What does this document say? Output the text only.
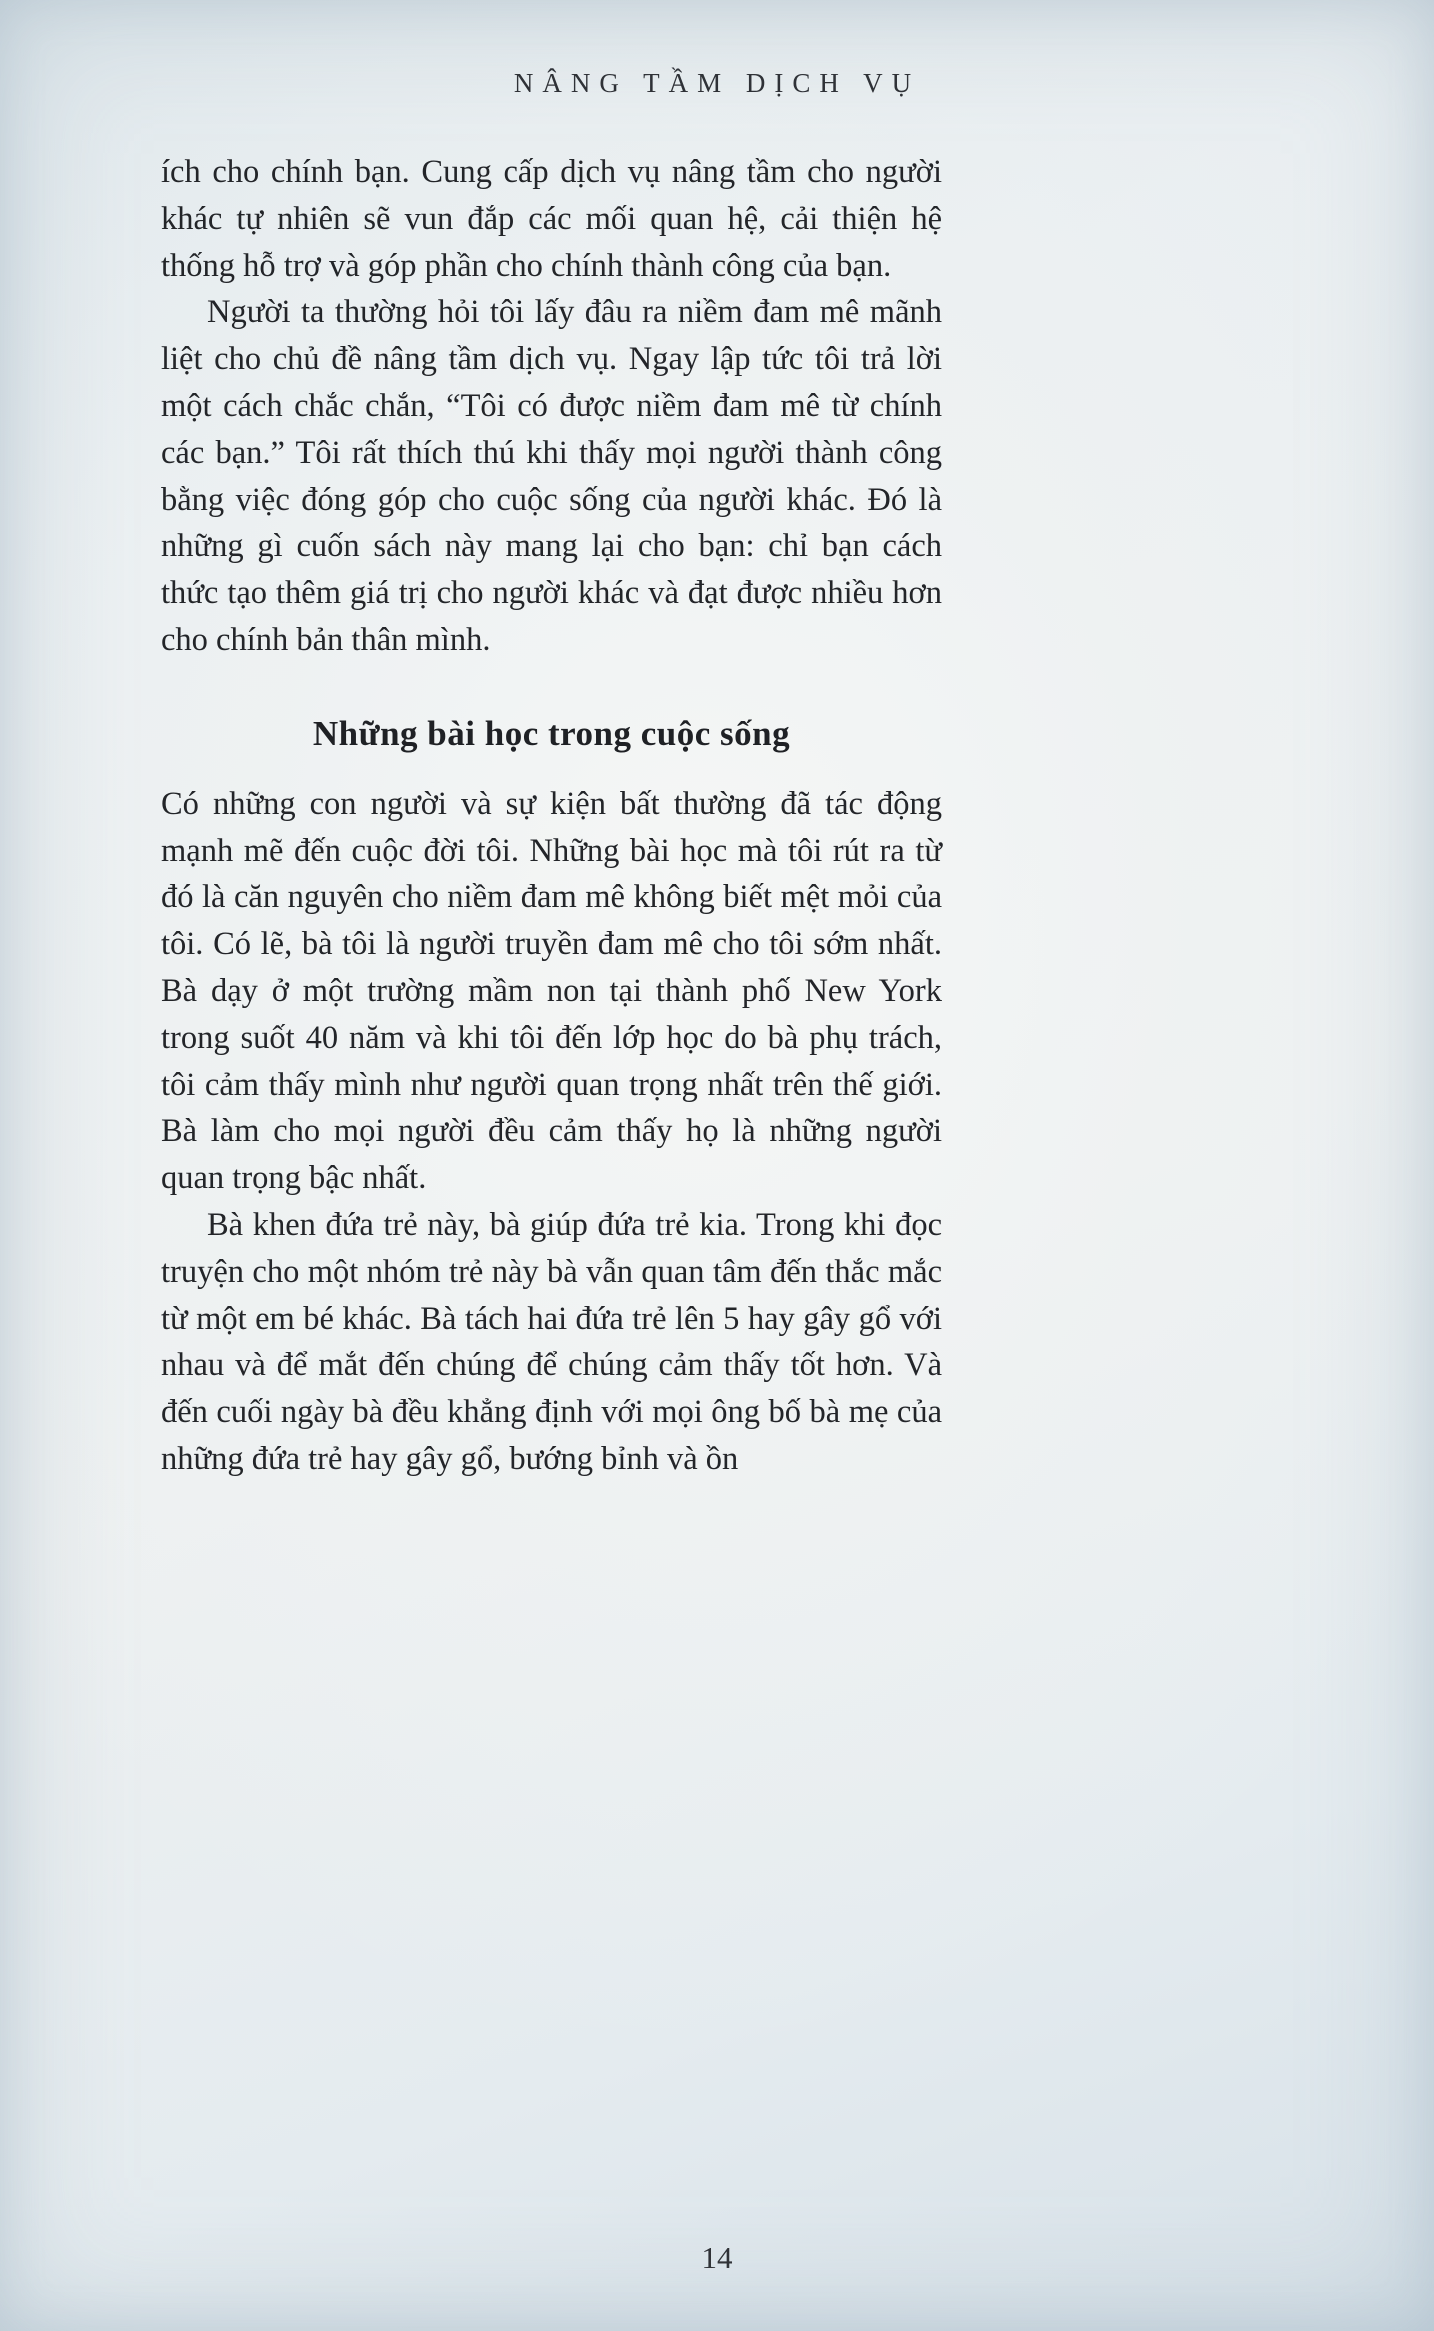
NÂNG TẦM DỊCH VỤ

ích cho chính bạn. Cung cấp dịch vụ nâng tầm cho người khác tự nhiên sẽ vun đắp các mối quan hệ, cải thiện hệ thống hỗ trợ và góp phần cho chính thành công của bạn.

Người ta thường hỏi tôi lấy đâu ra niềm đam mê mãnh liệt cho chủ đề nâng tầm dịch vụ. Ngay lập tức tôi trả lời một cách chắc chắn, “Tôi có được niềm đam mê từ chính các bạn.” Tôi rất thích thú khi thấy mọi người thành công bằng việc đóng góp cho cuộc sống của người khác. Đó là những gì cuốn sách này mang lại cho bạn: chỉ bạn cách thức tạo thêm giá trị cho người khác và đạt được nhiều hơn cho chính bản thân mình.

Những bài học trong cuộc sống

Có những con người và sự kiện bất thường đã tác động mạnh mẽ đến cuộc đời tôi. Những bài học mà tôi rút ra từ đó là căn nguyên cho niềm đam mê không biết mệt mỏi của tôi. Có lẽ, bà tôi là người truyền đam mê cho tôi sớm nhất. Bà dạy ở một trường mầm non tại thành phố New York trong suốt 40 năm và khi tôi đến lớp học do bà phụ trách, tôi cảm thấy mình như người quan trọng nhất trên thế giới. Bà làm cho mọi người đều cảm thấy họ là những người quan trọng bậc nhất.

Bà khen đứa trẻ này, bà giúp đứa trẻ kia. Trong khi đọc truyện cho một nhóm trẻ này bà vẫn quan tâm đến thắc mắc từ một em bé khác. Bà tách hai đứa trẻ lên 5 hay gây gổ với nhau và để mắt đến chúng để chúng cảm thấy tốt hơn. Và đến cuối ngày bà đều khẳng định với mọi ông bố bà mẹ của những đứa trẻ hay gây gổ, bướng bỉnh và ồn

14
